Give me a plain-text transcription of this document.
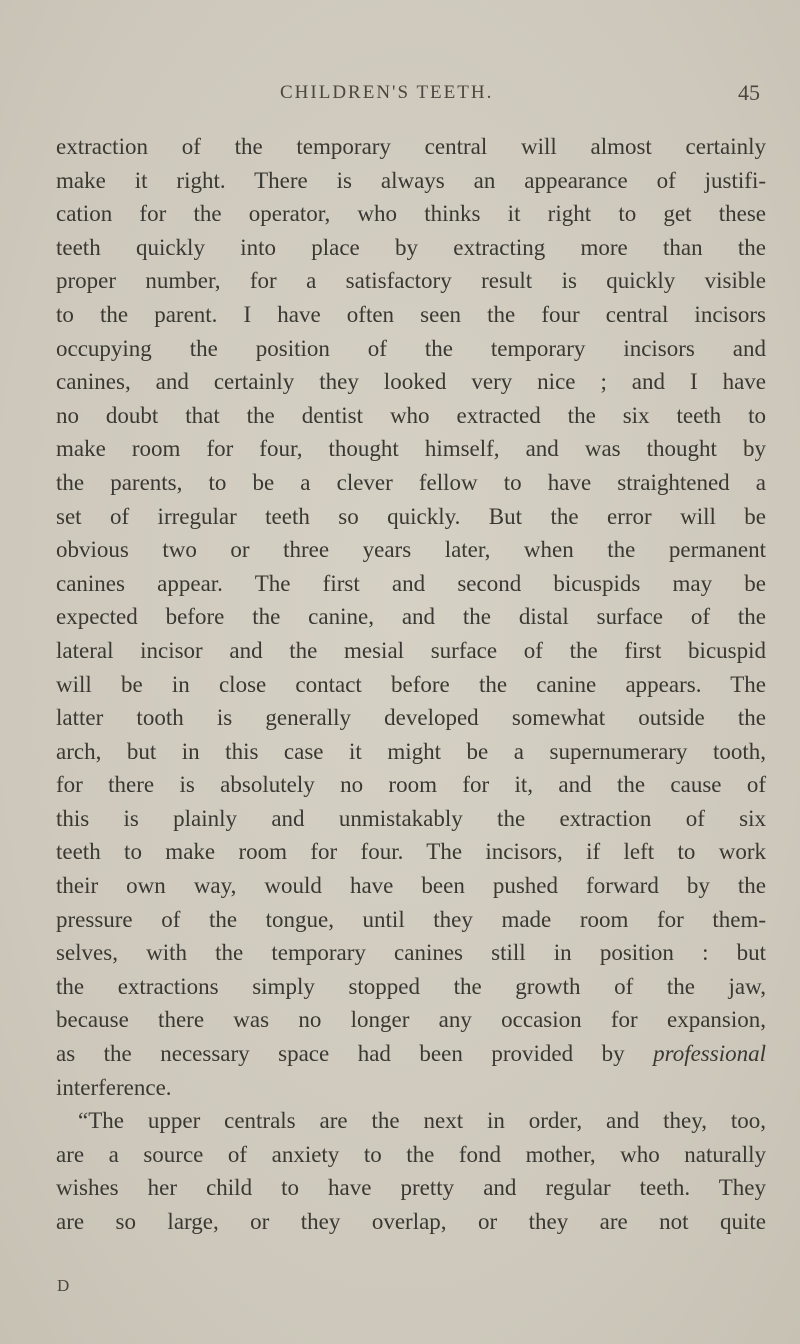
CHILDREN'S TEETH.	45
extraction of the temporary central will almost certainly
make it right. There is always an appearance of justifi-
cation for the operator, who thinks it right to get these
teeth quickly into place by extracting more than the
proper number, for a satisfactory result is quickly visible
to the parent. I have often seen the four central incisors
occupying the position of the temporary incisors and
canines, and certainly they looked very nice ; and I have
no doubt that the dentist who extracted the six teeth to
make room for four, thought himself, and was thought by
the parents, to be a clever fellow to have straightened a
set of irregular teeth so quickly. But the error will be
obvious two or three years later, when the permanent
canines appear. The first and second bicuspids may be
expected before the canine, and the distal surface of the
lateral incisor and the mesial surface of the first bicuspid
will be in close contact before the canine appears. The
latter tooth is generally developed somewhat outside the
arch, but in this case it might be a supernumerary tooth,
for there is absolutely no room for it, and the cause of
this is plainly and unmistakably the extraction of six
teeth to make room for four. The incisors, if left to work
their own way, would have been pushed forward by the
pressure of the tongue, until they made room for them-
selves, with the temporary canines still in position : but
the extractions simply stopped the growth of the jaw,
because there was no longer any occasion for expansion,
as the necessary space had been provided by professional
interference.
“The upper centrals are the next in order, and they, too,
are a source of anxiety to the fond mother, who naturally
wishes her child to have pretty and regular teeth. They
are so large, or they overlap, or they are not quite
D
